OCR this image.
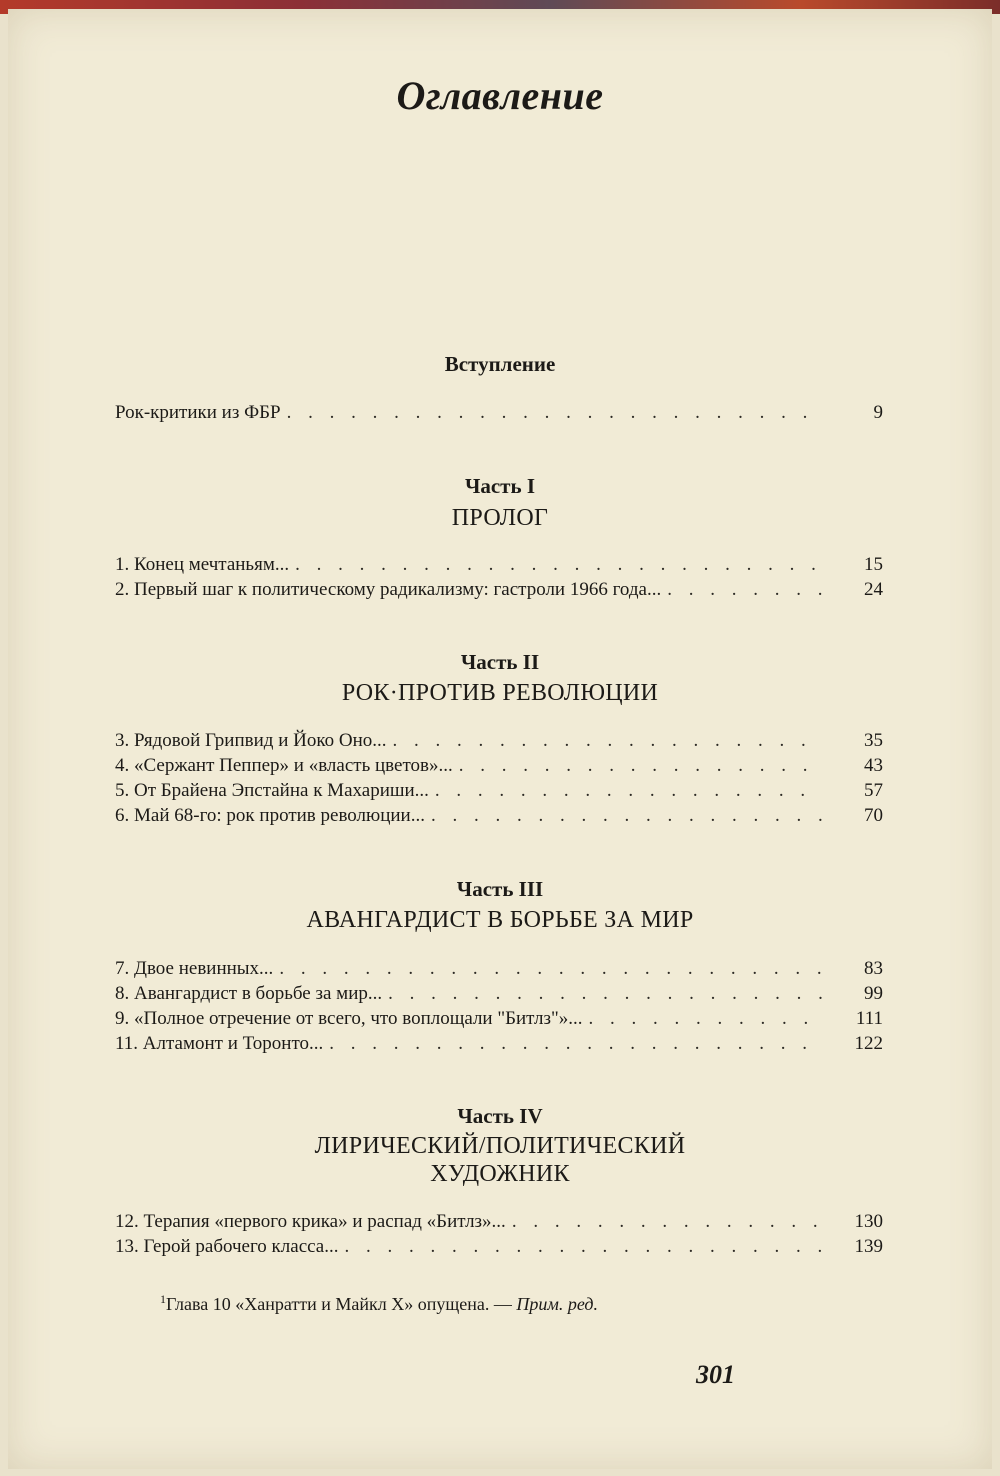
Оглавление
Вступление
Рок-критики из ФБР . . .	9
Часть I
ПРОЛОГ
1. Конец мечтаньям... . . .	15
2. Первый шаг к политическому радикализму: гастроли 1966 года... . . .	24
Часть II
РОК·ПРОТИВ РЕВОЛЮЦИИ
3. Рядовой Грипвид и Йоко Оно... . . .	35
4. «Сержант Пеппер» и «власть цветов»... . . .	43
5. От Брайена Эпстайна к Махариши... . . .	57
6. Май 68-го: рок против революции... . . .	70
Часть III
АВАНГАРДИСТ В БОРЬБЕ ЗА МИР
7. Двое невинных... . . .	83
8. Авангардист в борьбе за мир... . . .	99
9. «Полное отречение от всего, что воплощали "Битлз"»... . . .	111
11. Алтамонт и Торонто... . . .	122
Часть IV
ЛИРИЧЕСКИЙ/ПОЛИТИЧЕСКИЙ
ХУДОЖНИК
12. Терапия «первого крика» и распад «Битлз»... . . .	130
13. Герой рабочего класса... . . .	139
$^1$Глава 10 «Ханратти и Майкл Х» опущена. — Прим. ред.
301
